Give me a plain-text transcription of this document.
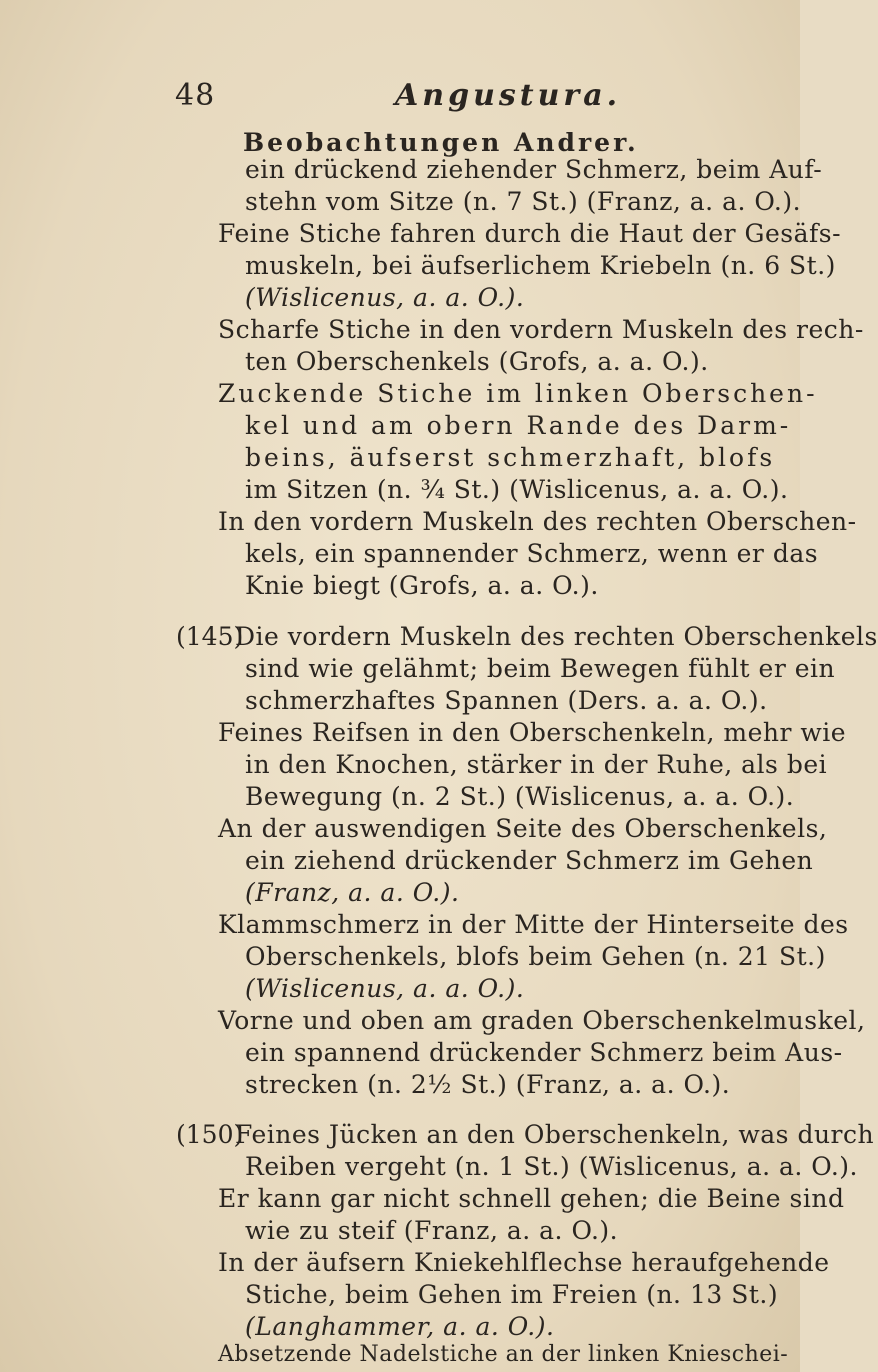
48	Angustura.
Beobachtungen Andrer.
ein drückend ziehender Schmerz, beim Auf-
stehn vom Sitze (n. 7 St.) (Franz, a. a. O.).
Feine Stiche fahren durch die Haut der Gesäfs-
muskeln, bei äufserlichem Kriebeln (n. 6 St.)
(Wislicenus, a. a. O.).
Scharfe Stiche in den vordern Muskeln des rech-
ten Oberschenkels (Grofs, a. a. O.).
Zuckende Stiche im linken Oberschen-
kel und am obern Rande des Darm-
beins, äufserst schmerzhaft, blofs
im Sitzen (n. ¾ St.) (Wislicenus, a. a. O.).
In den vordern Muskeln des rechten Oberschen-
kels, ein spannender Schmerz, wenn er das
Knie biegt (Grofs, a. a. O.).
(145)
Die vordern Muskeln des rechten Oberschenkels
sind wie gelähmt; beim Bewegen fühlt er ein
schmerzhaftes Spannen (Ders. a. a. O.).
Feines Reifsen in den Oberschenkeln, mehr wie
in den Knochen, stärker in der Ruhe, als bei
Bewegung (n. 2 St.) (Wislicenus, a. a. O.).
An der auswendigen Seite des Oberschenkels,
ein ziehend drückender Schmerz im Gehen
(Franz, a. a. O.).
Klammschmerz in der Mitte der Hinterseite des
Oberschenkels, blofs beim Gehen (n. 21 St.)
(Wislicenus, a. a. O.).
Vorne und oben am graden Oberschenkelmuskel,
ein spannend drückender Schmerz beim Aus-
strecken (n. 2½ St.) (Franz, a. a. O.).
(150)
Feines Jücken an den Oberschenkeln, was durch
Reiben vergeht (n. 1 St.) (Wislicenus, a. a. O.).
Er kann gar nicht schnell gehen; die Beine sind
wie zu steif (Franz, a. a. O.).
In der äufsern Kniekehlflechse heraufgehende
Stiche, beim Gehen im Freien (n. 13 St.)
(Langhammer, a. a. O.).
Absetzende Nadelstiche an der linken Knieschei-
